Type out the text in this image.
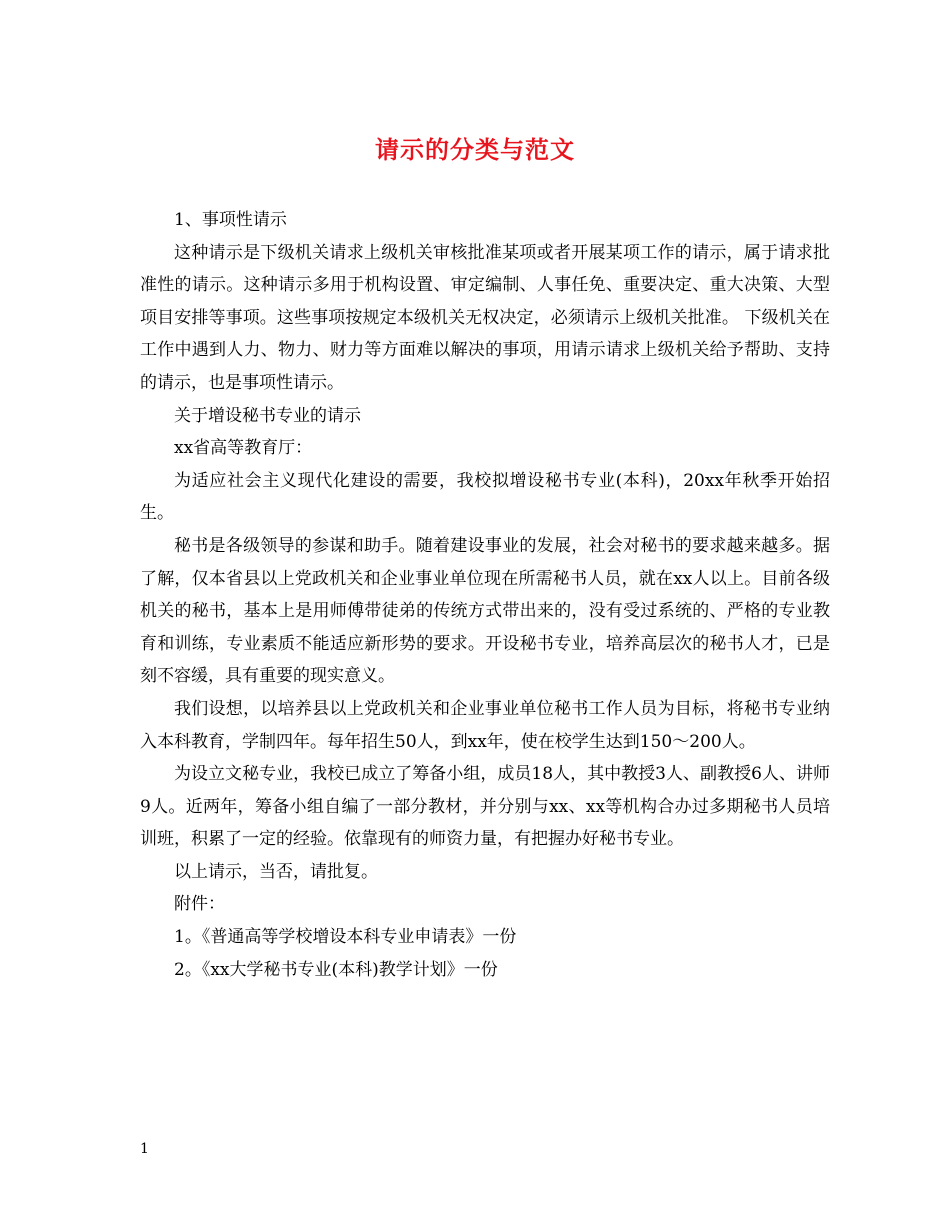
请示的分类与范文

1、事项性请示

这种请示是下级机关请求上级机关审核批准某项或者开展某项工作的请示，属于请求批准性的请示。这种请示多用于机构设置、审定编制、人事任免、重要决定、重大决策、大型项目安排等事项。这些事项按规定本级机关无权决定，必须请示上级机关批准。 下级机关在工作中遇到人力、物力、财力等方面难以解决的事项，用请示请求上级机关给予帮助、支持的请示，也是事项性请示。

关于增设秘书专业的请示

xx省高等教育厅：

为适应社会主义现代化建设的需要，我校拟增设秘书专业(本科)，20xx年秋季开始招生。

秘书是各级领导的参谋和助手。随着建设事业的发展，社会对秘书的要求越来越多。据了解，仅本省县以上党政机关和企业事业单位现在所需秘书人员，就在xx人以上。目前各级机关的秘书，基本上是用师傅带徒弟的传统方式带出来的，没有受过系统的、严格的专业教育和训练，专业素质不能适应新形势的要求。开设秘书专业，培养高层次的秘书人才，已是刻不容缓，具有重要的现实意义。

我们设想，以培养县以上党政机关和企业事业单位秘书工作人员为目标，将秘书专业纳入本科教育，学制四年。每年招生50人，到xx年，使在校学生达到150～200人。

为设立文秘专业，我校已成立了筹备小组，成员18人，其中教授3人、副教授6人、讲师9人。近两年，筹备小组自编了一部分教材，并分别与xx、xx等机构合办过多期秘书人员培训班，积累了一定的经验。依靠现有的师资力量，有把握办好秘书专业。

以上请示，当否，请批复。

附件：

1。《普通高等学校增设本科专业申请表》一份

2。《xx大学秘书专业(本科)教学计划》一份

1
